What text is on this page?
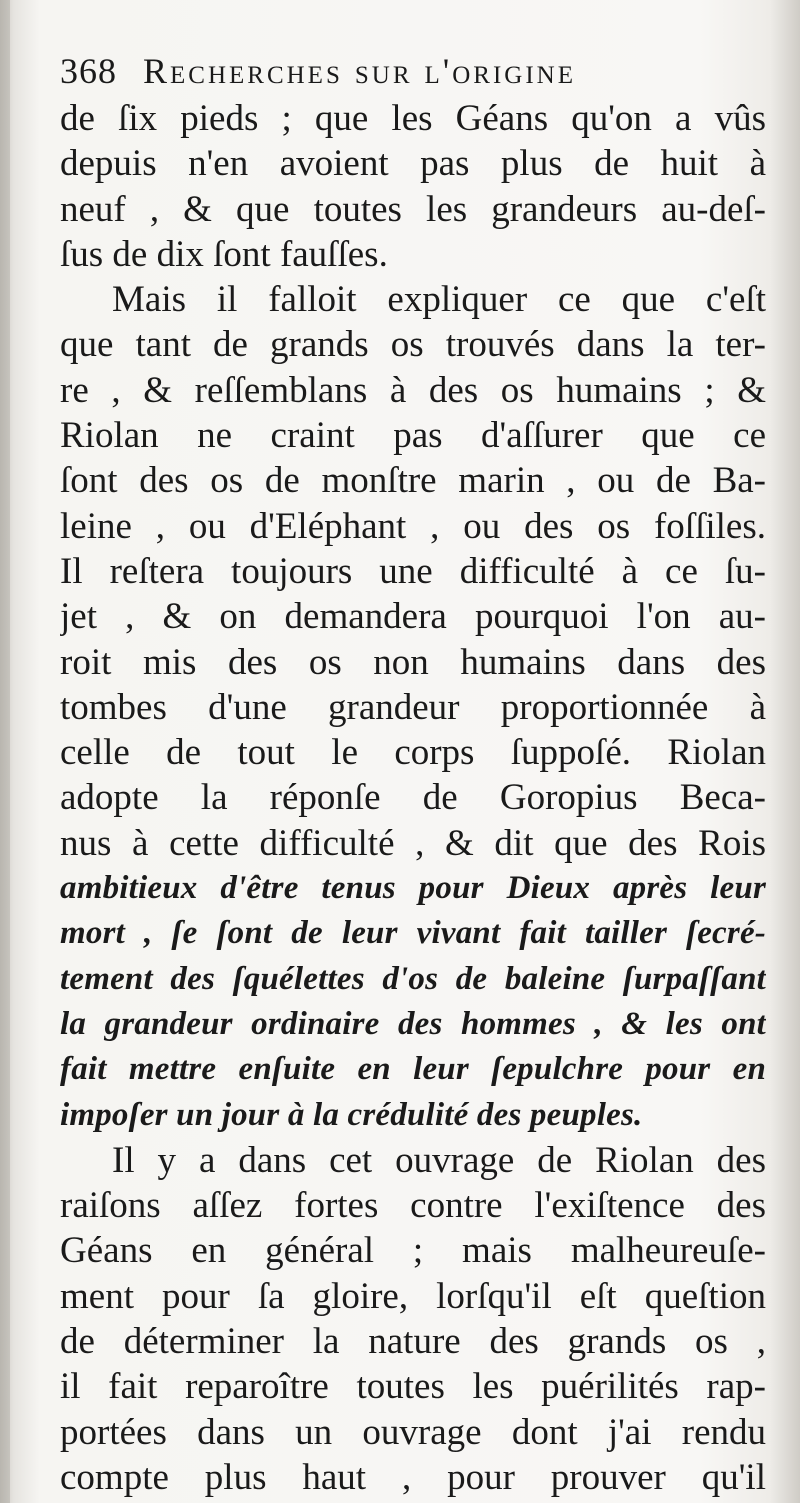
368 Recherches sur l'origine
de ſix pieds ; que les Géans qu'on a vûs
depuis n'en avoient pas plus de huit à
neuf , & que toutes les grandeurs au-deſ-
ſus de dix ſont fauſſes.
Mais il falloit expliquer ce que c'eſt
que tant de grands os trouvés dans la ter-
re , & reſſemblans à des os humains ; &
Riolan ne craint pas d'aſſurer que ce
ſont des os de monſtre marin , ou de Ba-
leine , ou d'Eléphant , ou des os foſſiles.
Il reſtera toujours une difficulté à ce ſu-
jet , & on demandera pourquoi l'on au-
roit mis des os non humains dans des
tombes d'une grandeur proportionnée à
celle de tout le corps ſuppoſé. Riolan
adopte la réponſe de Goropius Beca-
nus à cette difficulté , & dit que des Rois
ambitieux d'être tenus pour Dieux après leur
mort , ſe ſont de leur vivant fait tailler ſecré-
tement des ſquélettes d'os de baleine ſurpaſſant
la grandeur ordinaire des hommes , & les ont
fait mettre enſuite en leur ſepulchre pour en
impoſer un jour à la crédulité des peuples.
Il y a dans cet ouvrage de Riolan des
raiſons aſſez fortes contre l'exiſtence des
Géans en général ; mais malheureuſe-
ment pour ſa gloire, lorſqu'il eſt queſtion
de déterminer la nature des grands os ,
il fait reparoître toutes les puérilités rap-
portées dans un ouvrage dont j'ai rendu
compte plus haut , pour prouver qu'il
